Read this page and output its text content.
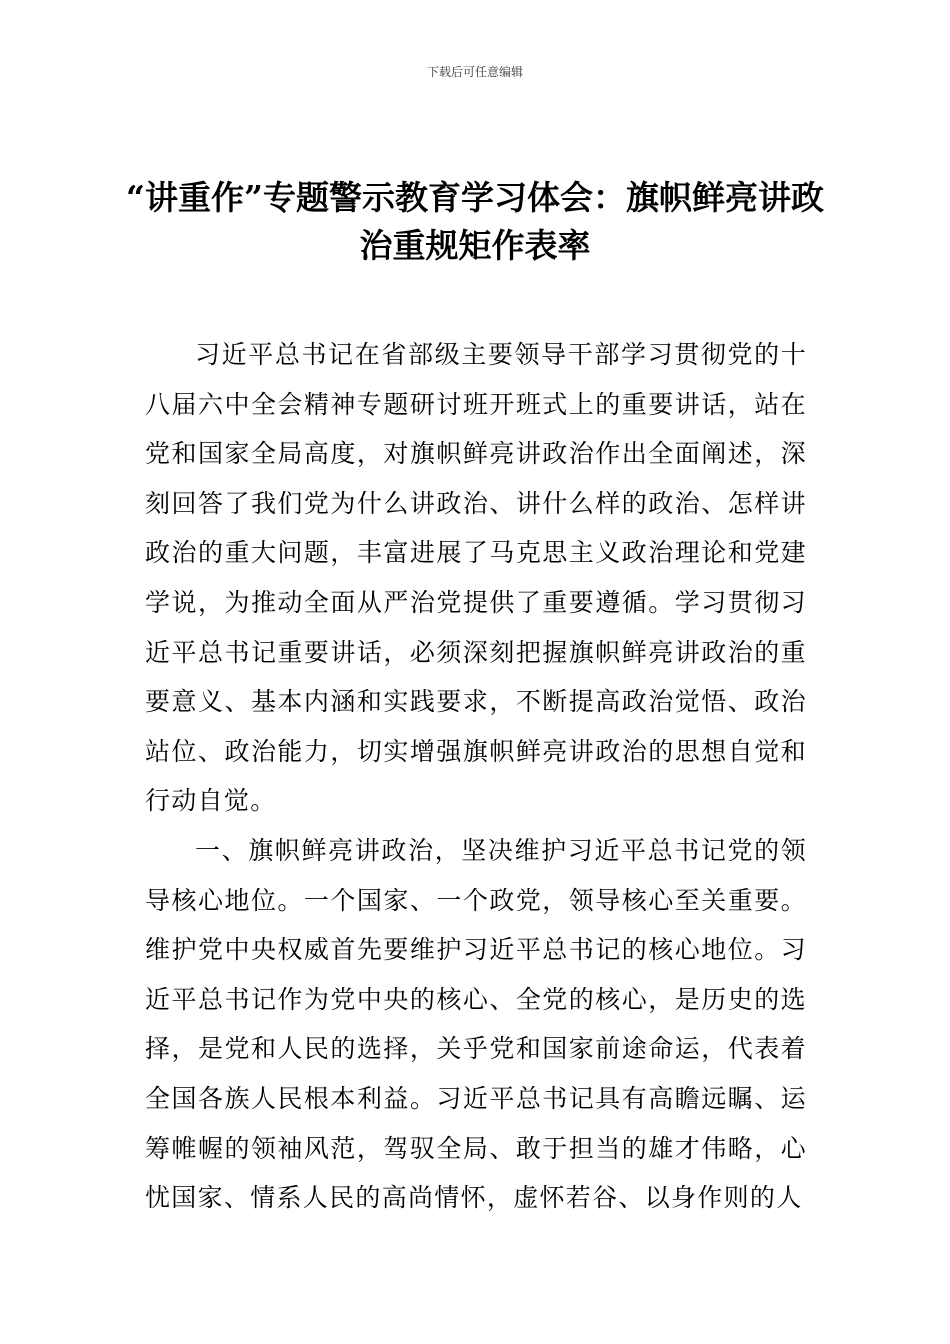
下载后可任意编辑
“讲重作”专题警示教育学习体会：旗帜鲜亮讲政治重规矩作表率

习近平总书记在省部级主要领导干部学习贯彻党的十八届六中全会精神专题研讨班开班式上的重要讲话，站在党和国家全局高度，对旗帜鲜亮讲政治作出全面阐述，深刻回答了我们党为什么讲政治、讲什么样的政治、怎样讲政治的重大问题，丰富进展了马克思主义政治理论和党建学说，为推动全面从严治党提供了重要遵循。学习贯彻习近平总书记重要讲话，必须深刻把握旗帜鲜亮讲政治的重要意义、基本内涵和实践要求，不断提高政治觉悟、政治站位、政治能力，切实增强旗帜鲜亮讲政治的思想自觉和行动自觉。

一、旗帜鲜亮讲政治，坚决维护习近平总书记党的领导核心地位。一个国家、一个政党，领导核心至关重要。维护党中央权威首先要维护习近平总书记的核心地位。习近平总书记作为党中央的核心、全党的核心，是历史的选择，是党和人民的选择，关乎党和国家前途命运，代表着全国各族人民根本利益。习近平总书记具有高瞻远瞩、运筹帷幄的领袖风范，驾驭全局、敢于担当的雄才伟略，心忧国家、情系人民的高尚情怀，虚怀若谷、以身作则的人
